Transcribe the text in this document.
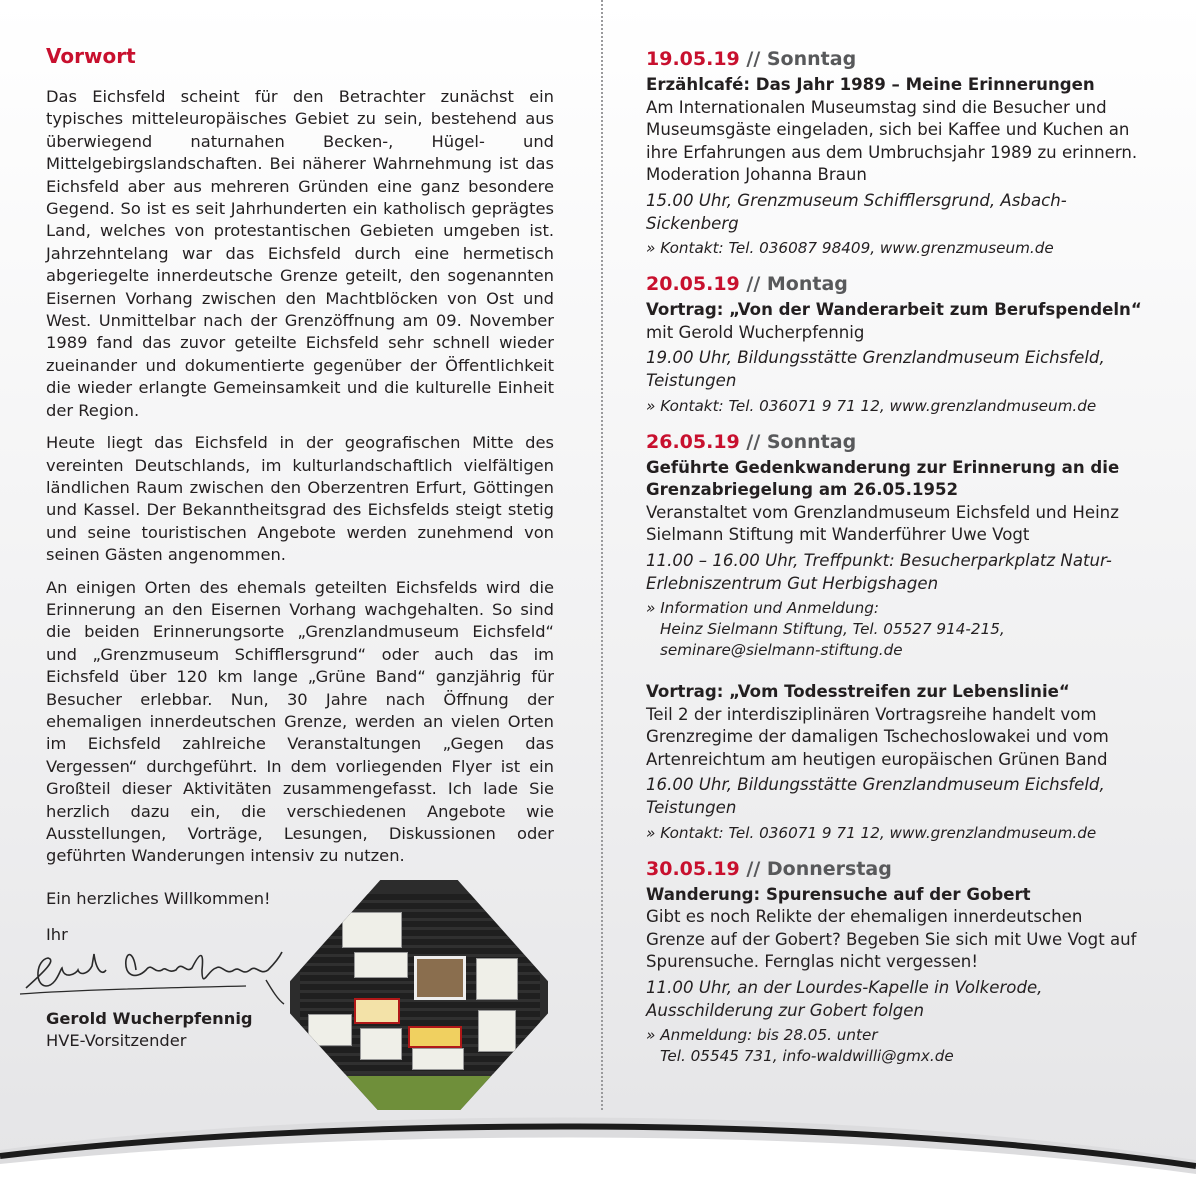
Vorwort

Das Eichsfeld scheint für den Betrachter zunächst ein typisches mitteleuropäisches Gebiet zu sein, bestehend aus überwiegend naturnahen Becken-, Hügel- und Mittelgebirgslandschaften. Bei näherer Wahrnehmung ist das Eichsfeld aber aus mehreren Gründen eine ganz besondere Gegend. So ist es seit Jahrhunderten ein katholisch geprägtes Land, welches von protestantischen Gebieten umgeben ist. Jahrzehntelang war das Eichsfeld durch eine hermetisch abgeriegelte innerdeutsche Grenze geteilt, den sogenannten Eisernen Vorhang zwischen den Machtblöcken von Ost und West. Unmittelbar nach der Grenzöffnung am 09. November 1989 fand das zuvor geteilte Eichsfeld sehr schnell wieder zueinander und dokumentierte gegenüber der Öffentlichkeit die wieder erlangte Gemeinsamkeit und die kulturelle Einheit der Region.

Heute liegt das Eichsfeld in der geografischen Mitte des vereinten Deutschlands, im kulturlandschaftlich vielfältigen ländlichen Raum zwischen den Oberzentren Erfurt, Göttingen und Kassel. Der Bekanntheitsgrad des Eichsfelds steigt stetig und seine touristischen Angebote werden zunehmend von seinen Gästen angenommen.

An einigen Orten des ehemals geteilten Eichsfelds wird die Erinnerung an den Eisernen Vorhang wachgehalten. So sind die beiden Erinnerungsorte „Grenzlandmuseum Eichsfeld“ und „Grenzmuseum Schifflersgrund“ oder auch das im Eichsfeld über 120 km lange „Grüne Band“ ganzjährig für Besucher erlebbar. Nun, 30 Jahre nach Öffnung der ehemaligen innerdeutschen Grenze, werden an vielen Orten im Eichsfeld zahlreiche Veranstaltungen „Gegen das Vergessen“ durchgeführt. In dem vorliegenden Flyer ist ein Großteil dieser Aktivitäten zusammengefasst. Ich lade Sie herzlich dazu ein, die verschiedenen Angebote wie Ausstellungen, Vorträge, Lesungen, Diskussionen oder geführten Wanderungen intensiv zu nutzen.

Ein herzliches Willkommen!
Ihr
Gerold Wucherpfennig
HVE-Vorsitzender
19.05.19 // Sonntag

Erzählcafé: Das Jahr 1989 – Meine Erinnerungen

Am Internationalen Museumstag sind die Besucher und Museumsgäste eingeladen, sich bei Kaffee und Kuchen an ihre Erfahrungen aus dem Umbruchsjahr 1989 zu erinnern. Moderation Johanna Braun

15.00 Uhr, Grenzmuseum Schifflersgrund, Asbach-Sickenberg

» Kontakt: Tel. 036087 98409, www.grenzmuseum.de

20.05.19 // Montag

Vortrag: „Von der Wanderarbeit zum Berufspendeln“

mit Gerold Wucherpfennig

19.00 Uhr, Bildungsstätte Grenzlandmuseum Eichsfeld, Teistungen

» Kontakt: Tel. 036071 9 71 12, www.grenzlandmuseum.de

26.05.19 // Sonntag

Geführte Gedenkwanderung zur Erinnerung an die Grenzabriegelung am 26.05.1952

Veranstaltet vom Grenzlandmuseum Eichsfeld und Heinz Sielmann Stiftung mit Wanderführer Uwe Vogt

11.00 – 16.00 Uhr, Treffpunkt: Besucherparkplatz Natur-Erlebniszentrum Gut Herbigshagen

» Information und Anmeldung:

Heinz Sielmann Stiftung, Tel. 05527 914-215,

seminare@sielmann-stiftung.de

Vortrag: „Vom Todesstreifen zur Lebenslinie“

Teil 2 der interdisziplinären Vortragsreihe handelt vom Grenzregime der damaligen Tschechoslowakei und vom Artenreichtum am heutigen europäischen Grünen Band

16.00 Uhr, Bildungsstätte Grenzlandmuseum Eichsfeld, Teistungen

» Kontakt: Tel. 036071 9 71 12, www.grenzlandmuseum.de

30.05.19 // Donnerstag

Wanderung: Spurensuche auf der Gobert

Gibt es noch Relikte der ehemaligen innerdeutschen Grenze auf der Gobert? Begeben Sie sich mit Uwe Vogt auf Spurensuche. Fernglas nicht vergessen!

11.00 Uhr, an der Lourdes-Kapelle in Volkerode, Ausschilderung zur Gobert folgen

» Anmeldung: bis 28.05. unter

Tel. 05545 731, info-waldwilli@gmx.de
